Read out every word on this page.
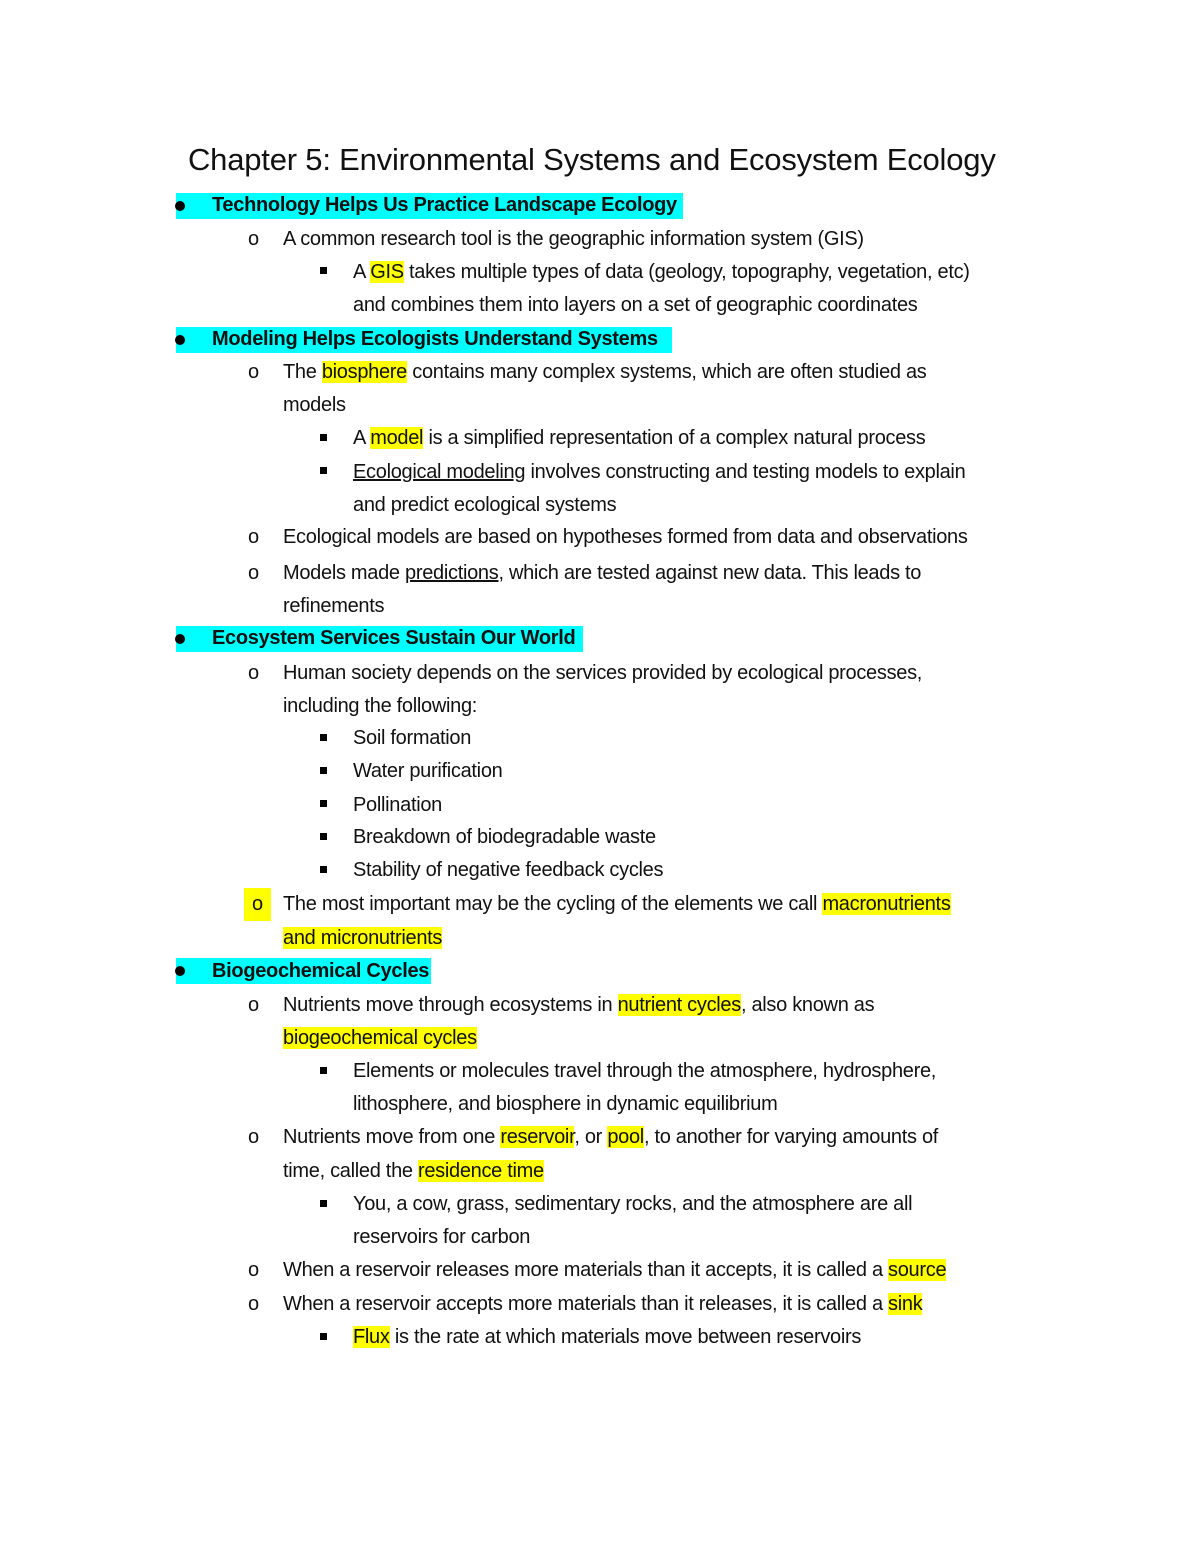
Chapter 5: Environmental Systems and Ecosystem Ecology
Technology Helps Us Practice Landscape Ecology
o A common research tool is the geographic information system (GIS)
A GIS takes multiple types of data (geology, topography, vegetation, etc)
and combines them into layers on a set of geographic coordinates
Modeling Helps Ecologists Understand Systems
o The biosphere contains many complex systems, which are often studied as
models
A model is a simplified representation of a complex natural process
Ecological modeling involves constructing and testing models to explain
and predict ecological systems
o Ecological models are based on hypotheses formed from data and observations
o Models made predictions, which are tested against new data. This leads to
refinements
Ecosystem Services Sustain Our World
o Human society depends on the services provided by ecological processes,
including the following:
Soil formation
Water purification
Pollination
Breakdown of biodegradable waste
Stability of negative feedback cycles
o The most important may be the cycling of the elements we call macronutrients
and micronutrients
Biogeochemical Cycles
o Nutrients move through ecosystems in nutrient cycles, also known as
biogeochemical cycles
Elements or molecules travel through the atmosphere, hydrosphere,
lithosphere, and biosphere in dynamic equilibrium
o Nutrients move from one reservoir, or pool, to another for varying amounts of
time, called the residence time
You, a cow, grass, sedimentary rocks, and the atmosphere are all
reservoirs for carbon
o When a reservoir releases more materials than it accepts, it is called a source
o When a reservoir accepts more materials than it releases, it is called a sink
Flux is the rate at which materials move between reservoirs
